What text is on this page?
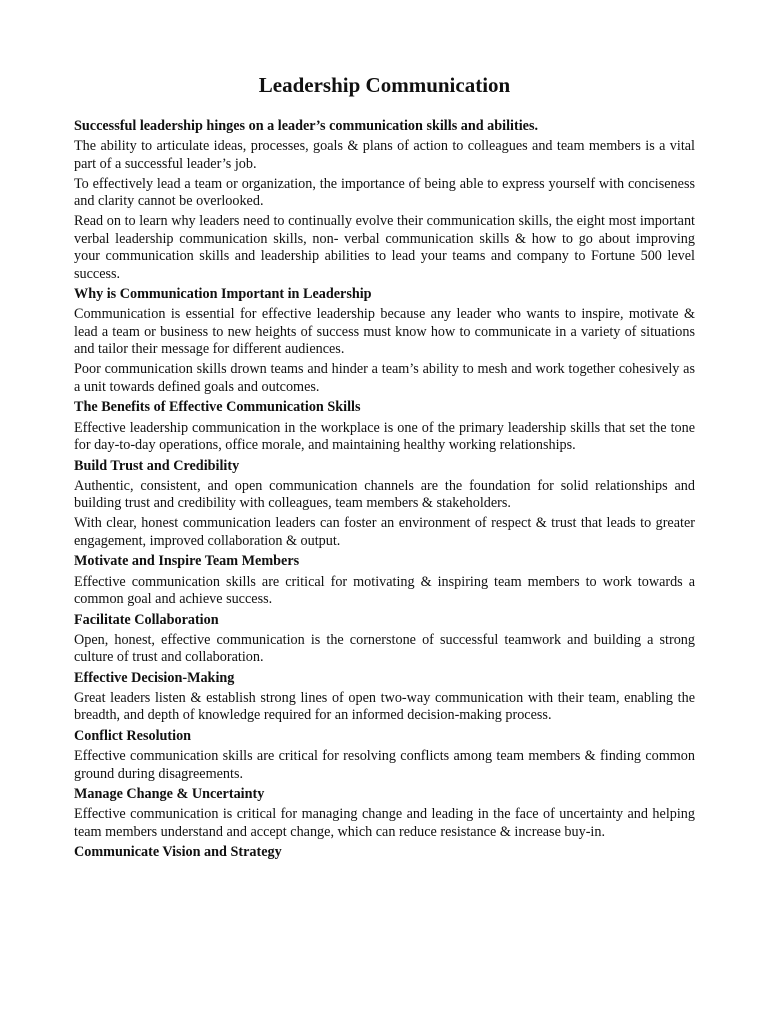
Leadership Communication

Successful leadership hinges on a leader’s communication skills and abilities.

The ability to articulate ideas, processes, goals & plans of action to colleagues and team members is a vital part of a successful leader’s job.

To effectively lead a team or organization, the importance of being able to express yourself with conciseness and clarity cannot be overlooked.

Read on to learn why leaders need to continually evolve their communication skills, the eight most important verbal leadership communication skills, non- verbal communication skills & how to go about improving your communication skills and leadership abilities to lead your teams and company to Fortune 500 level success.

Why is Communication Important in Leadership

Communication is essential for effective leadership because any leader who wants to inspire, motivate & lead a team or business to new heights of success must know how to communicate in a variety of situations and tailor their message for different audiences.

Poor communication skills drown teams and hinder a team’s ability to mesh and work together cohesively as a unit towards defined goals and outcomes.

The Benefits of Effective Communication Skills

Effective leadership communication in the workplace is one of the primary leadership skills that set the tone for day-to-day operations, office morale, and maintaining healthy working relationships.

Build Trust and Credibility

Authentic, consistent, and open communication channels are the foundation for solid relationships and building trust and credibility with colleagues, team members & stakeholders.

With clear, honest communication leaders can foster an environment of respect & trust that leads to greater engagement, improved collaboration & output.

Motivate and Inspire Team Members

Effective communication skills are critical for motivating & inspiring team members to work towards a common goal and achieve success.

Facilitate Collaboration

Open, honest, effective communication is the cornerstone of successful teamwork and building a strong culture of trust and collaboration.

Effective Decision-Making

Great leaders listen & establish strong lines of open two-way communication with their team, enabling the breadth, and depth of knowledge required for an informed decision-making process.

Conflict Resolution

Effective communication skills are critical for resolving conflicts among team members & finding common ground during disagreements.

Manage Change & Uncertainty

Effective communication is critical for managing change and leading in the face of uncertainty and helping team members understand and accept change, which can reduce resistance & increase buy-in.

Communicate Vision and Strategy
